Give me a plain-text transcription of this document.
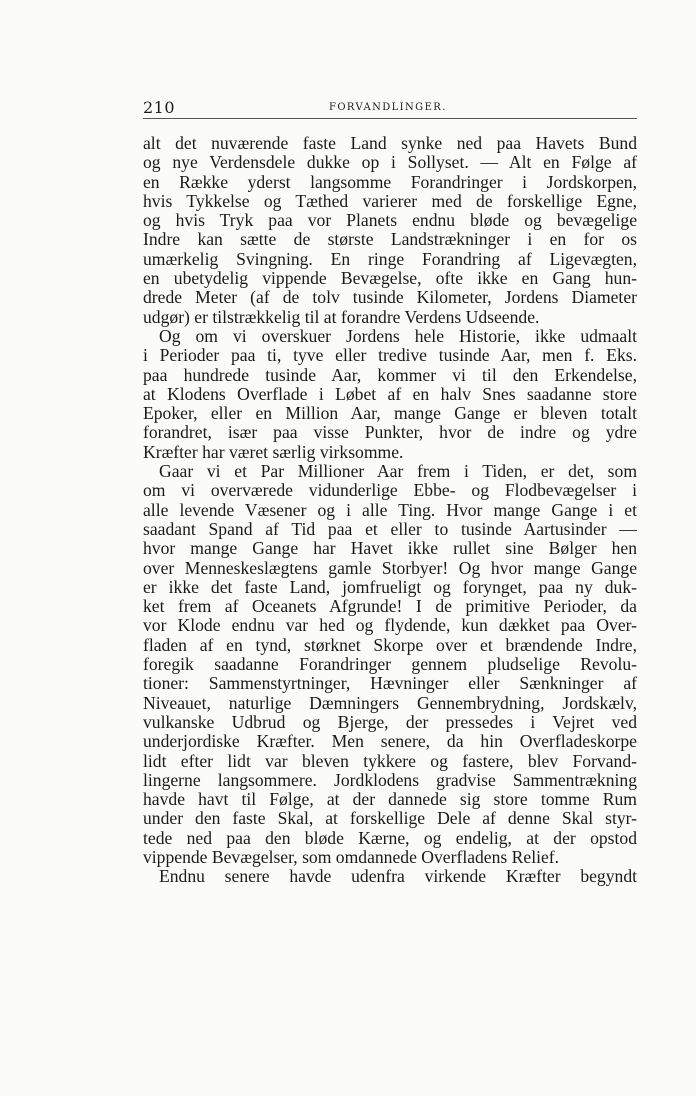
210	FORVANDLINGER.
alt det nuværende faste Land synke ned paa Havets Bund
og nye Verdensdele dukke op i Sollyset. — Alt en Følge af
en Række yderst langsomme Forandringer i Jordskorpen,
hvis Tykkelse og Tæthed varierer med de forskellige Egne,
og hvis Tryk paa vor Planets endnu bløde og bevægelige
Indre kan sætte de største Landstrækninger i en for os
umærkelig Svingning. En ringe Forandring af Ligevægten,
en ubetydelig vippende Bevægelse, ofte ikke en Gang hun-
drede Meter (af de tolv tusinde Kilometer, Jordens Diameter
udgør) er tilstrækkelig til at forandre Verdens Udseende.
Og om vi overskuer Jordens hele Historie, ikke udmaalt
i Perioder paa ti, tyve eller tredive tusinde Aar, men f. Eks.
paa hundrede tusinde Aar, kommer vi til den Erkendelse,
at Klodens Overflade i Løbet af en halv Snes saadanne store
Epoker, eller en Million Aar, mange Gange er bleven totalt
forandret, især paa visse Punkter, hvor de indre og ydre
Kræfter har været særlig virksomme.
Gaar vi et Par Millioner Aar frem i Tiden, er det, som
om vi overværede vidunderlige Ebbe- og Flodbevægelser i
alle levende Væsener og i alle Ting. Hvor mange Gange i et
saadant Spand af Tid paa et eller to tusinde Aartusinder —
hvor mange Gange har Havet ikke rullet sine Bølger hen
over Menneskeslægtens gamle Storbyer! Og hvor mange Gange
er ikke det faste Land, jomfrueligt og forynget, paa ny duk-
ket frem af Oceanets Afgrunde! I de primitive Perioder, da
vor Klode endnu var hed og flydende, kun dækket paa Over-
fladen af en tynd, størknet Skorpe over et brændende Indre,
foregik saadanne Forandringer gennem pludselige Revolu-
tioner: Sammenstyrtninger, Hævninger eller Sænkninger af
Niveauet, naturlige Dæmningers Gennembrydning, Jordskælv,
vulkanske Udbrud og Bjerge, der pressedes i Vejret ved
underjordiske Kræfter. Men senere, da hin Overfladeskorpe
lidt efter lidt var bleven tykkere og fastere, blev Forvand-
lingerne langsommere. Jordklodens gradvise Sammentrækning
havde havt til Følge, at der dannede sig store tomme Rum
under den faste Skal, at forskellige Dele af denne Skal styr-
tede ned paa den bløde Kærne, og endelig, at der opstod
vippende Bevægelser, som omdannede Overfladens Relief.
Endnu senere havde udenfra virkende Kræfter begyndt
